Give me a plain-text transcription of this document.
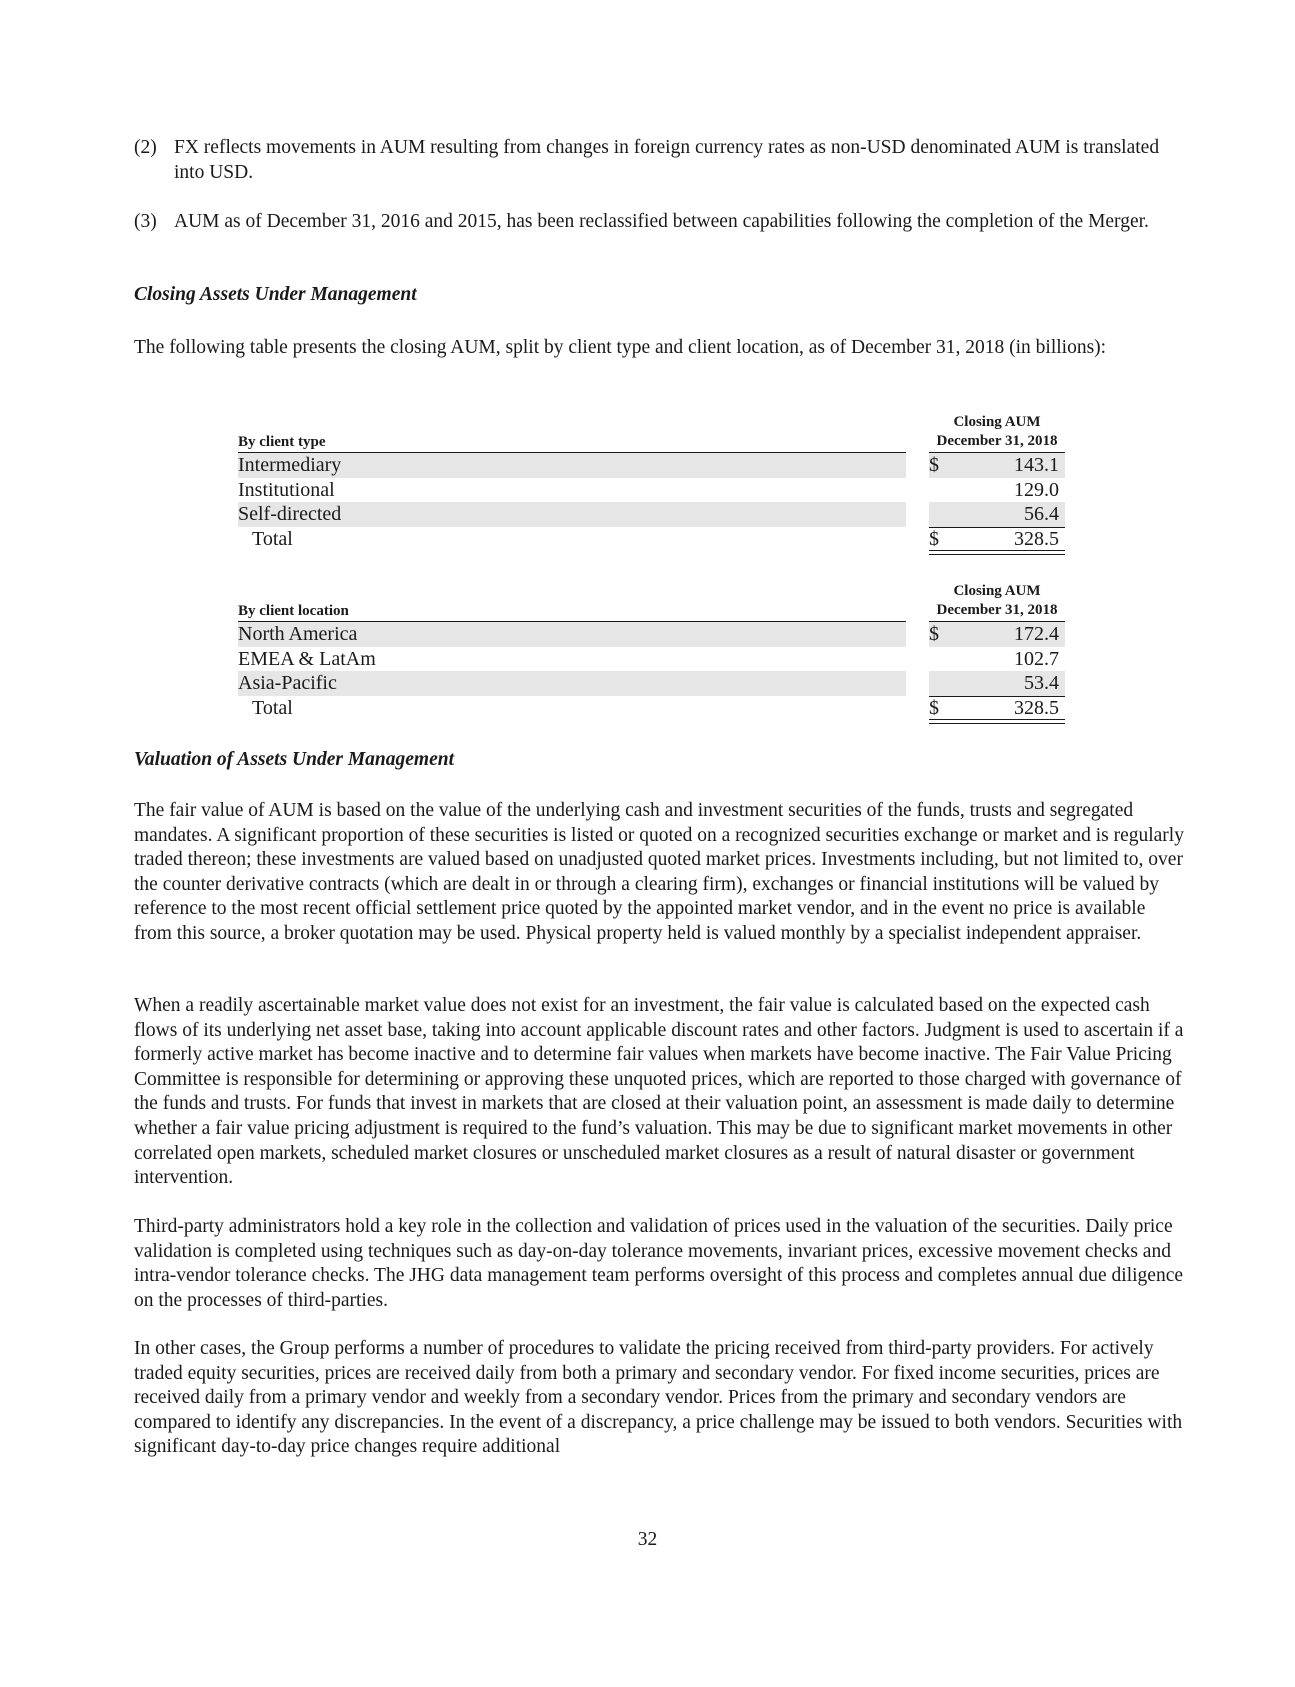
(2) FX reflects movements in AUM resulting from changes in foreign currency rates as non-USD denominated AUM is translated into USD.
(3) AUM as of December 31, 2016 and 2015, has been reclassified between capabilities following the completion of the Merger.
Closing Assets Under Management

The following table presents the closing AUM, split by client type and client location, as of December 31, 2018 (in billions):

By client type
Closing AUM
December 31, 2018
Intermediary	$	143.1
Institutional	129.0
Self-directed	56.4
Total	$	328.5
By client location
Closing AUM
December 31, 2018
North America	$	172.4
EMEA & LatAm	102.7
Asia-Pacific	53.4
Total	$	328.5
Valuation of Assets Under Management

The fair value of AUM is based on the value of the underlying cash and investment securities of the funds, trusts and segregated mandates. A significant proportion of these securities is listed or quoted on a recognized securities exchange or market and is regularly traded thereon; these investments are valued based on unadjusted quoted market prices. Investments including, but not limited to, over the counter derivative contracts (which are dealt in or through a clearing firm), exchanges or financial institutions will be valued by reference to the most recent official settlement price quoted by the appointed market vendor, and in the event no price is available from this source, a broker quotation may be used. Physical property held is valued monthly by a specialist independent appraiser.

When a readily ascertainable market value does not exist for an investment, the fair value is calculated based on the expected cash flows of its underlying net asset base, taking into account applicable discount rates and other factors. Judgment is used to ascertain if a formerly active market has become inactive and to determine fair values when markets have become inactive. The Fair Value Pricing Committee is responsible for determining or approving these unquoted prices, which are reported to those charged with governance of the funds and trusts. For funds that invest in markets that are closed at their valuation point, an assessment is made daily to determine whether a fair value pricing adjustment is required to the fund’s valuation. This may be due to significant market movements in other correlated open markets, scheduled market closures or unscheduled market closures as a result of natural disaster or government intervention.

Third-party administrators hold a key role in the collection and validation of prices used in the valuation of the securities. Daily price validation is completed using techniques such as day-on-day tolerance movements, invariant prices, excessive movement checks and intra-vendor tolerance checks. The JHG data management team performs oversight of this process and completes annual due diligence on the processes of third-parties.

In other cases, the Group performs a number of procedures to validate the pricing received from third-party providers. For actively traded equity securities, prices are received daily from both a primary and secondary vendor. For fixed income securities, prices are received daily from a primary vendor and weekly from a secondary vendor. Prices from the primary and secondary vendors are compared to identify any discrepancies. In the event of a discrepancy, a price challenge may be issued to both vendors. Securities with significant day-to-day price changes require additional

32
